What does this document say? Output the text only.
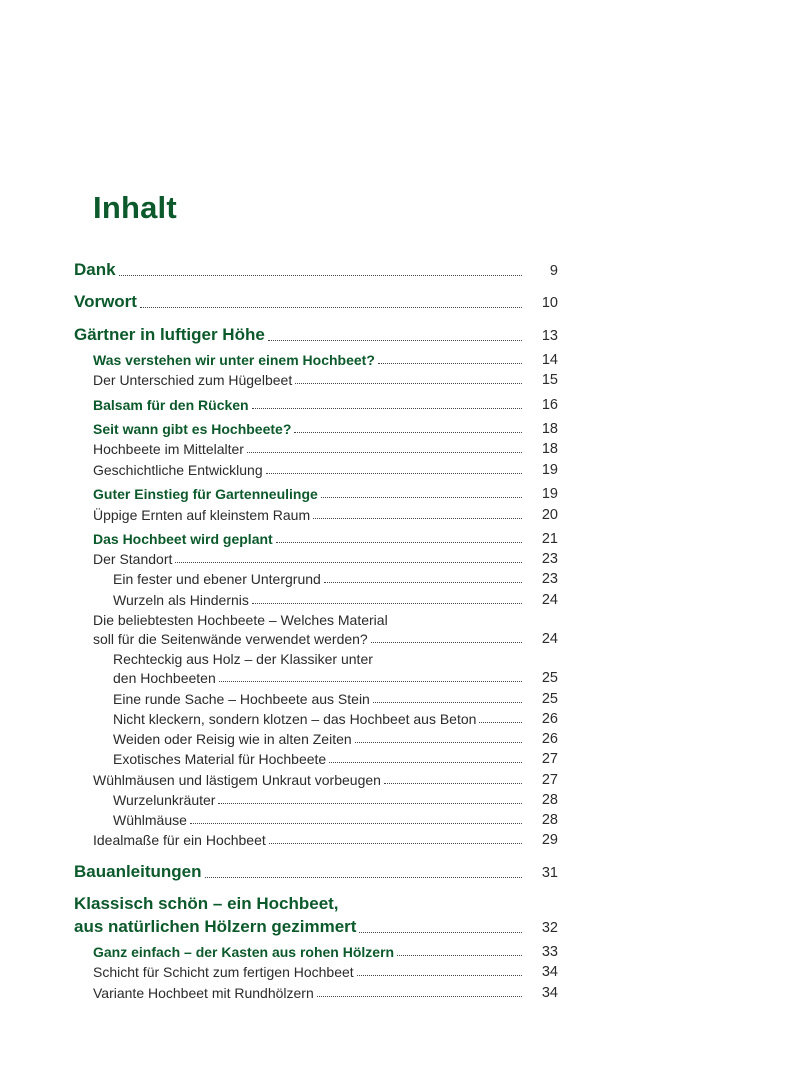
Inhalt
Dank	9
Vorwort	10
Gärtner in luftiger Höhe	13
Was verstehen wir unter einem Hochbeet?	14
Der Unterschied zum Hügelbeet	15
Balsam für den Rücken	16
Seit wann gibt es Hochbeete?	18
Hochbeete im Mittelalter	18
Geschichtliche Entwicklung	19
Guter Einstieg für Gartenneulinge	19
Üppige Ernten auf kleinstem Raum	20
Das Hochbeet wird geplant	21
Der Standort	23
Ein fester und ebener Untergrund	23
Wurzeln als Hindernis	24
Die beliebtesten Hochbeete – Welches Material
soll für die Seitenwände verwendet werden?	24
Rechteckig aus Holz – der Klassiker unter
den Hochbeeten	25
Eine runde Sache – Hochbeete aus Stein	25
Nicht kleckern, sondern klotzen – das Hochbeet aus Beton	26
Weiden oder Reisig wie in alten Zeiten	26
Exotisches Material für Hochbeete	27
Wühlmäusen und lästigem Unkraut vorbeugen	27
Wurzelunkräuter	28
Wühlmäuse	28
Idealmaße für ein Hochbeet	29
Bauanleitungen	31
Klassisch schön – ein Hochbeet,
aus natürlichen Hölzern gezimmert	32
Ganz einfach – der Kasten aus rohen Hölzern	33
Schicht für Schicht zum fertigen Hochbeet	34
Variante Hochbeet mit Rundhölzern	34
